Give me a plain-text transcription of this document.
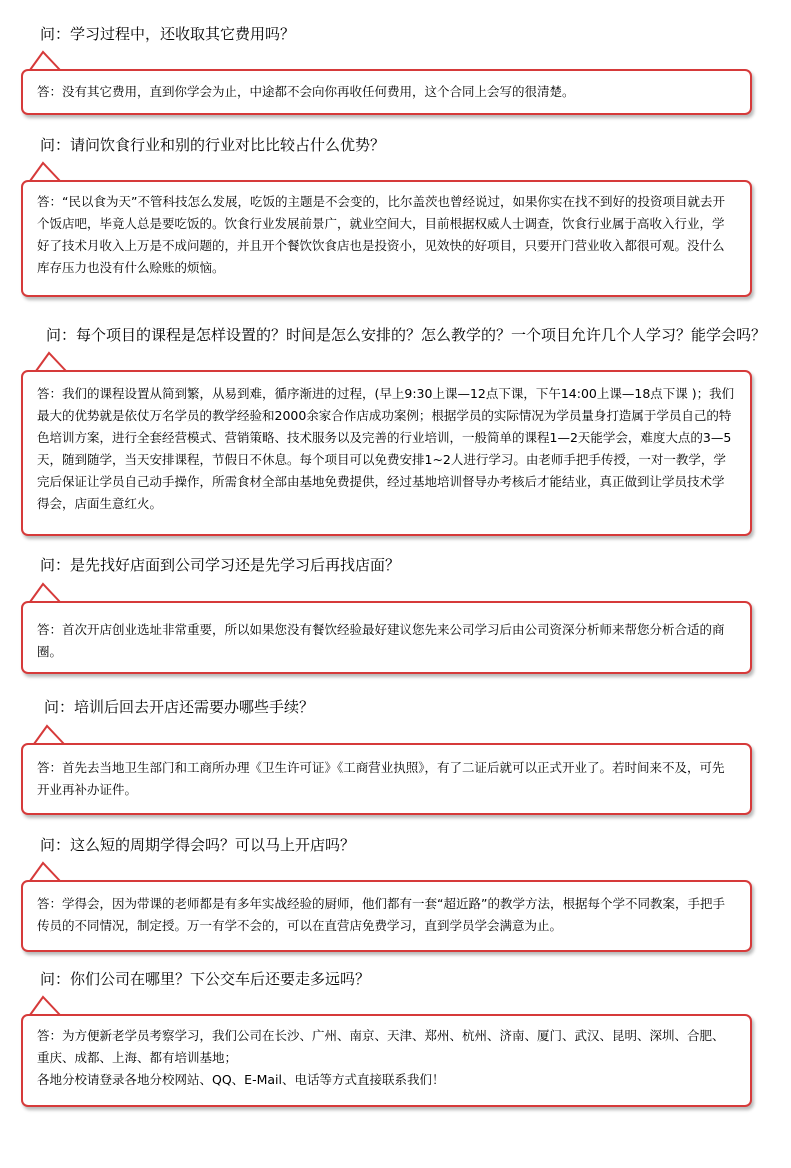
问：学习过程中，还收取其它费用吗？
答：没有其它费用，直到你学会为止，中途都不会向你再收任何费用，这个合同上会写的很清楚。
问：请问饮食行业和别的行业对比比较占什么优势？
答：“民以食为天”不管科技怎么发展，吃饭的主题是不会变的，比尔盖茨也曾经说过，如果你实在找不到好的投资项目就去开个饭店吧，毕竟人总是要吃饭的。饮食行业发展前景广，就业空间大，目前根据权威人士调查，饮食行业属于高收入行业，学好了技术月收入上万是不成问题的，并且开个餐饮饮食店也是投资小，见效快的好项目，只要开门营业收入都很可观。没什么库存压力也没有什么赊账的烦恼。
问：每个项目的课程是怎样设置的？时间是怎么安排的？怎么教学的？一个项目允许几个人学习？能学会吗？
答：我们的课程设置从简到繁，从易到难，循序渐进的过程，(早上9:30上课—12点下课，下午14:00上课—18点下课 )；我们最大的优势就是依仗万名学员的教学经验和2000余家合作店成功案例；根据学员的实际情况为学员量身打造属于学员自己的特色培训方案，进行全套经营模式、营销策略、技术服务以及完善的行业培训，一般简单的课程1—2天能学会，难度大点的3—5天，随到随学，当天安排课程，节假日不休息。每个项目可以免费安排1~2人进行学习。由老师手把手传授，一对一教学，学完后保证让学员自己动手操作，所需食材全部由基地免费提供，经过基地培训督导办考核后才能结业，真正做到让学员技术学得会，店面生意红火。
问：是先找好店面到公司学习还是先学习后再找店面？
答：首次开店创业选址非常重要，所以如果您没有餐饮经验最好建议您先来公司学习后由公司资深分析师来帮您分析合适的商圈。
问：培训后回去开店还需要办哪些手续？
答：首先去当地卫生部门和工商所办理《卫生许可证》《工商营业执照》，有了二证后就可以正式开业了。若时间来不及，可先开业再补办证件。
问：这么短的周期学得会吗？可以马上开店吗？
答：学得会，因为带课的老师都是有多年实战经验的厨师，他们都有一套“超近路”的教学方法，根据每个学不同教案，手把手传员的不同情况，制定授。万一有学不会的，可以在直营店免费学习，直到学员学会满意为止。
问：你们公司在哪里？下公交车后还要走多远吗？
答：为方便新老学员考察学习，我们公司在长沙、广州、南京、天津、郑州、杭州、济南、厦门、武汉、昆明、深圳、合肥、重庆、成都、上海、都有培训基地；
各地分校请登录各地分校网站、QQ、E-Mail、电话等方式直接联系我们！
